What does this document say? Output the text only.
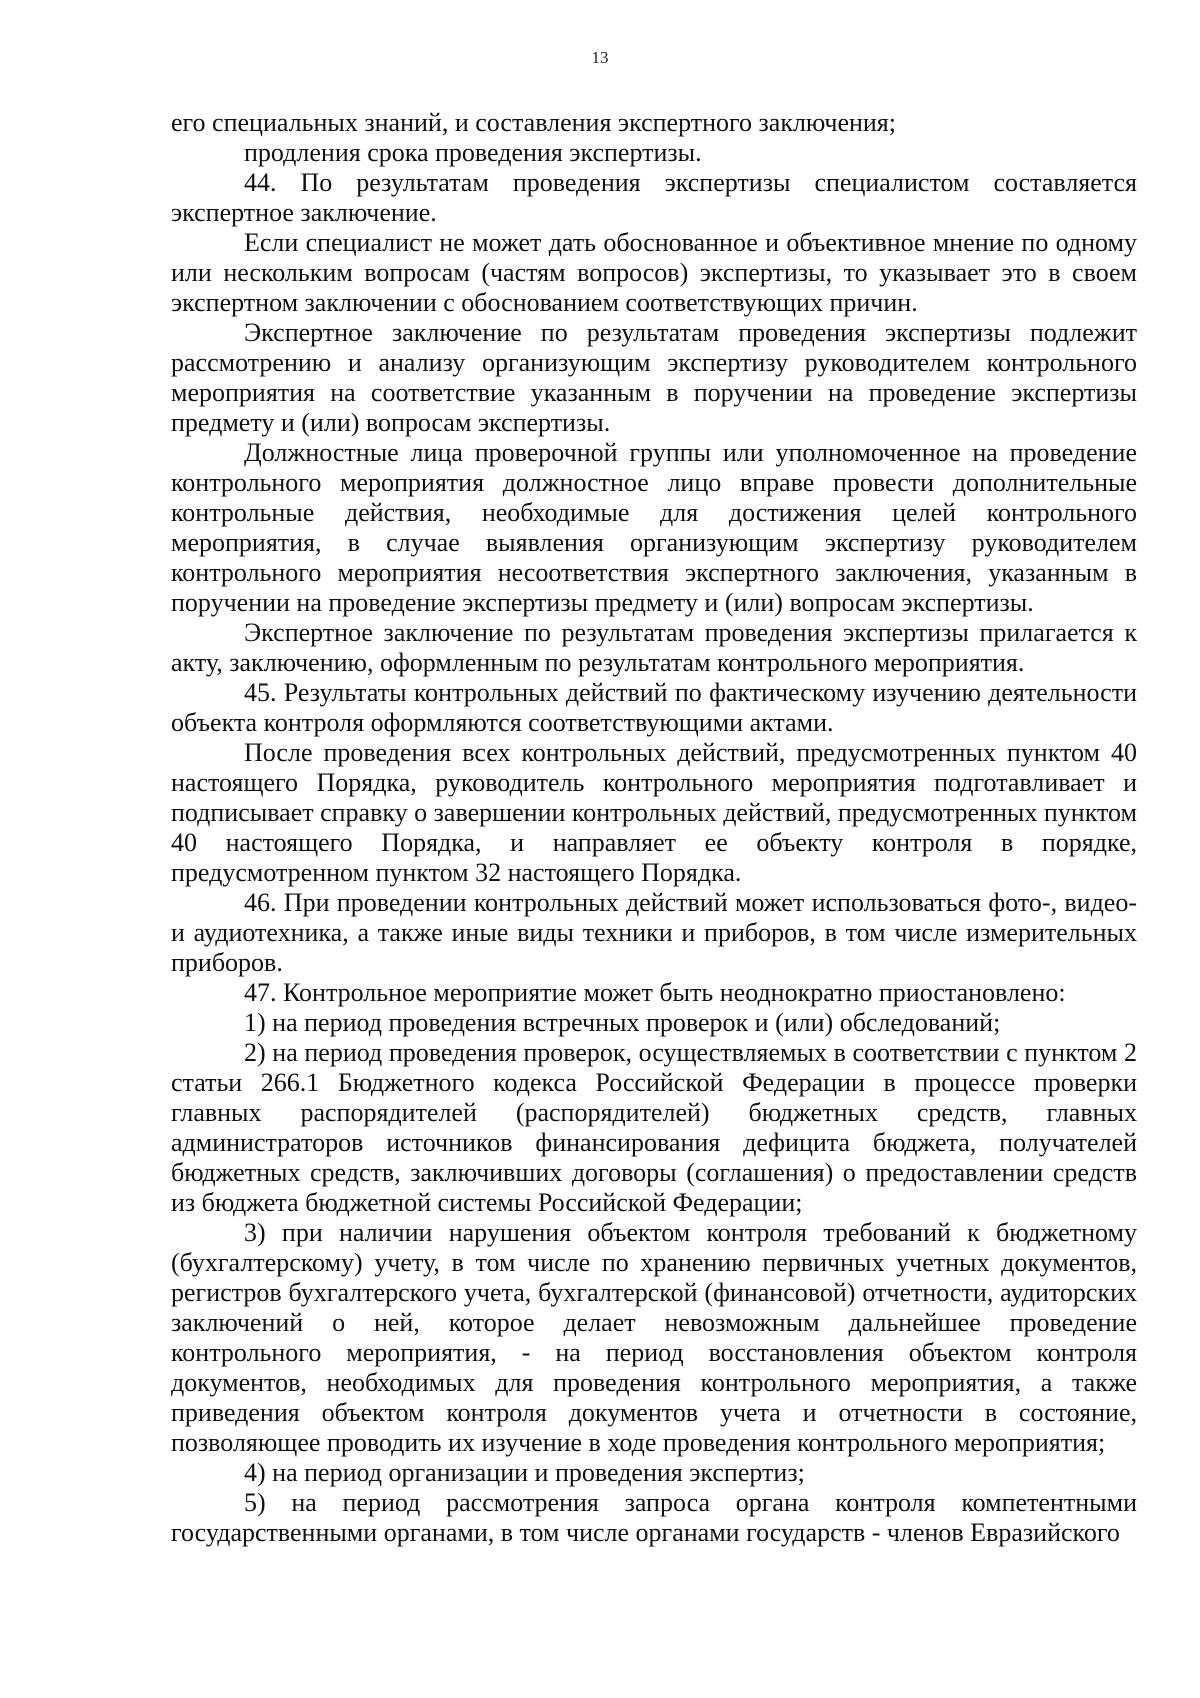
13

его специальных знаний, и составления экспертного заключения;

продления срока проведения экспертизы.

44. По результатам проведения экспертизы специалистом составляется экспертное заключение.

Если специалист не может дать обоснованное и объективное мнение по одному или нескольким вопросам (частям вопросов) экспертизы, то указывает это в своем экспертном заключении с обоснованием соответствующих причин.

Экспертное заключение по результатам проведения экспертизы подлежит рассмотрению и анализу организующим экспертизу руководителем контрольного мероприятия на соответствие указанным в поручении на проведение экспертизы предмету и (или) вопросам экспертизы.

Должностные лица проверочной группы или уполномоченное на проведение контрольного мероприятия должностное лицо вправе провести дополнительные контрольные действия, необходимые для достижения целей контрольного мероприятия, в случае выявления организующим экспертизу руководителем контрольного мероприятия несоответствия экспертного заключения, указанным в поручении на проведение экспертизы предмету и (или) вопросам экспертизы.

Экспертное заключение по результатам проведения экспертизы прилагается к акту, заключению, оформленным по результатам контрольного мероприятия.

45. Результаты контрольных действий по фактическому изучению деятельности объекта контроля оформляются соответствующими актами.

После проведения всех контрольных действий, предусмотренных пунктом 40 настоящего Порядка, руководитель контрольного мероприятия подготавливает и подписывает справку о завершении контрольных действий, предусмотренных пунктом 40 настоящего Порядка, и направляет ее объекту контроля в порядке, предусмотренном пунктом 32 настоящего Порядка.

46. При проведении контрольных действий может использоваться фото-, видео- и аудиотехника, а также иные виды техники и приборов, в том числе измерительных приборов.

47. Контрольное мероприятие может быть неоднократно приостановлено:

1) на период проведения встречных проверок и (или) обследований;

2) на период проведения проверок, осуществляемых в соответствии с пунктом 2 статьи 266.1 Бюджетного кодекса Российской Федерации в процессе проверки главных распорядителей (распорядителей) бюджетных средств, главных администраторов источников финансирования дефицита бюджета, получателей бюджетных средств, заключивших договоры (соглашения) о предоставлении средств из бюджета бюджетной системы Российской Федерации;

3) при наличии нарушения объектом контроля требований к бюджетному (бухгалтерскому) учету, в том числе по хранению первичных учетных документов, регистров бухгалтерского учета, бухгалтерской (финансовой) отчетности, аудиторских заключений о ней, которое делает невозможным дальнейшее проведение контрольного мероприятия, - на период восстановления объектом контроля документов, необходимых для проведения контрольного мероприятия, а также приведения объектом контроля документов учета и отчетности в состояние, позволяющее проводить их изучение в ходе проведения контрольного мероприятия;

4) на период организации и проведения экспертиз;

5) на период рассмотрения запроса органа контроля компетентными государственными органами, в том числе органами государств - членов Евразийского
